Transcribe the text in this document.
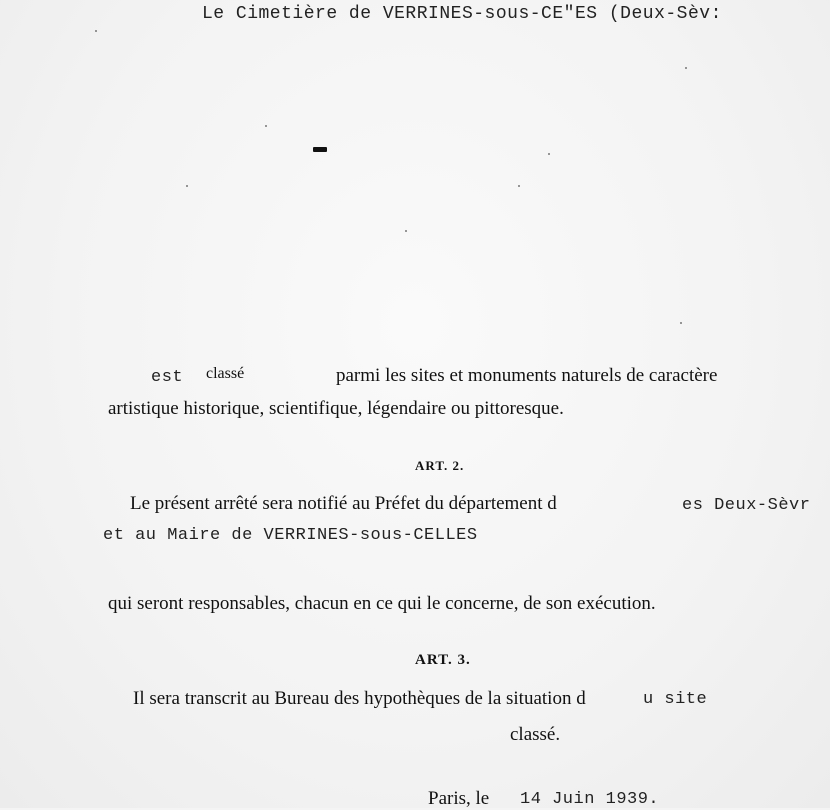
Le Cimetière de VERRINES-sous-CE"ES (Deux-Sèv:
est classé	parmi les sites et monuments naturels de caractère
artistique historique, scientifique, légendaire ou pittoresque.
ART. 2.
Le présent arrêté sera notifié au Préfet du département d	es Deux-Sèvr
et au Maire de VERRINES-sous-CELLES
qui seront responsables, chacun en ce qui le concerne, de son exécution.
ART. 3.
Il sera transcrit au Bureau des hypothèques de la situation d	u site
classé.
Paris, le 14 Juin 1939.
